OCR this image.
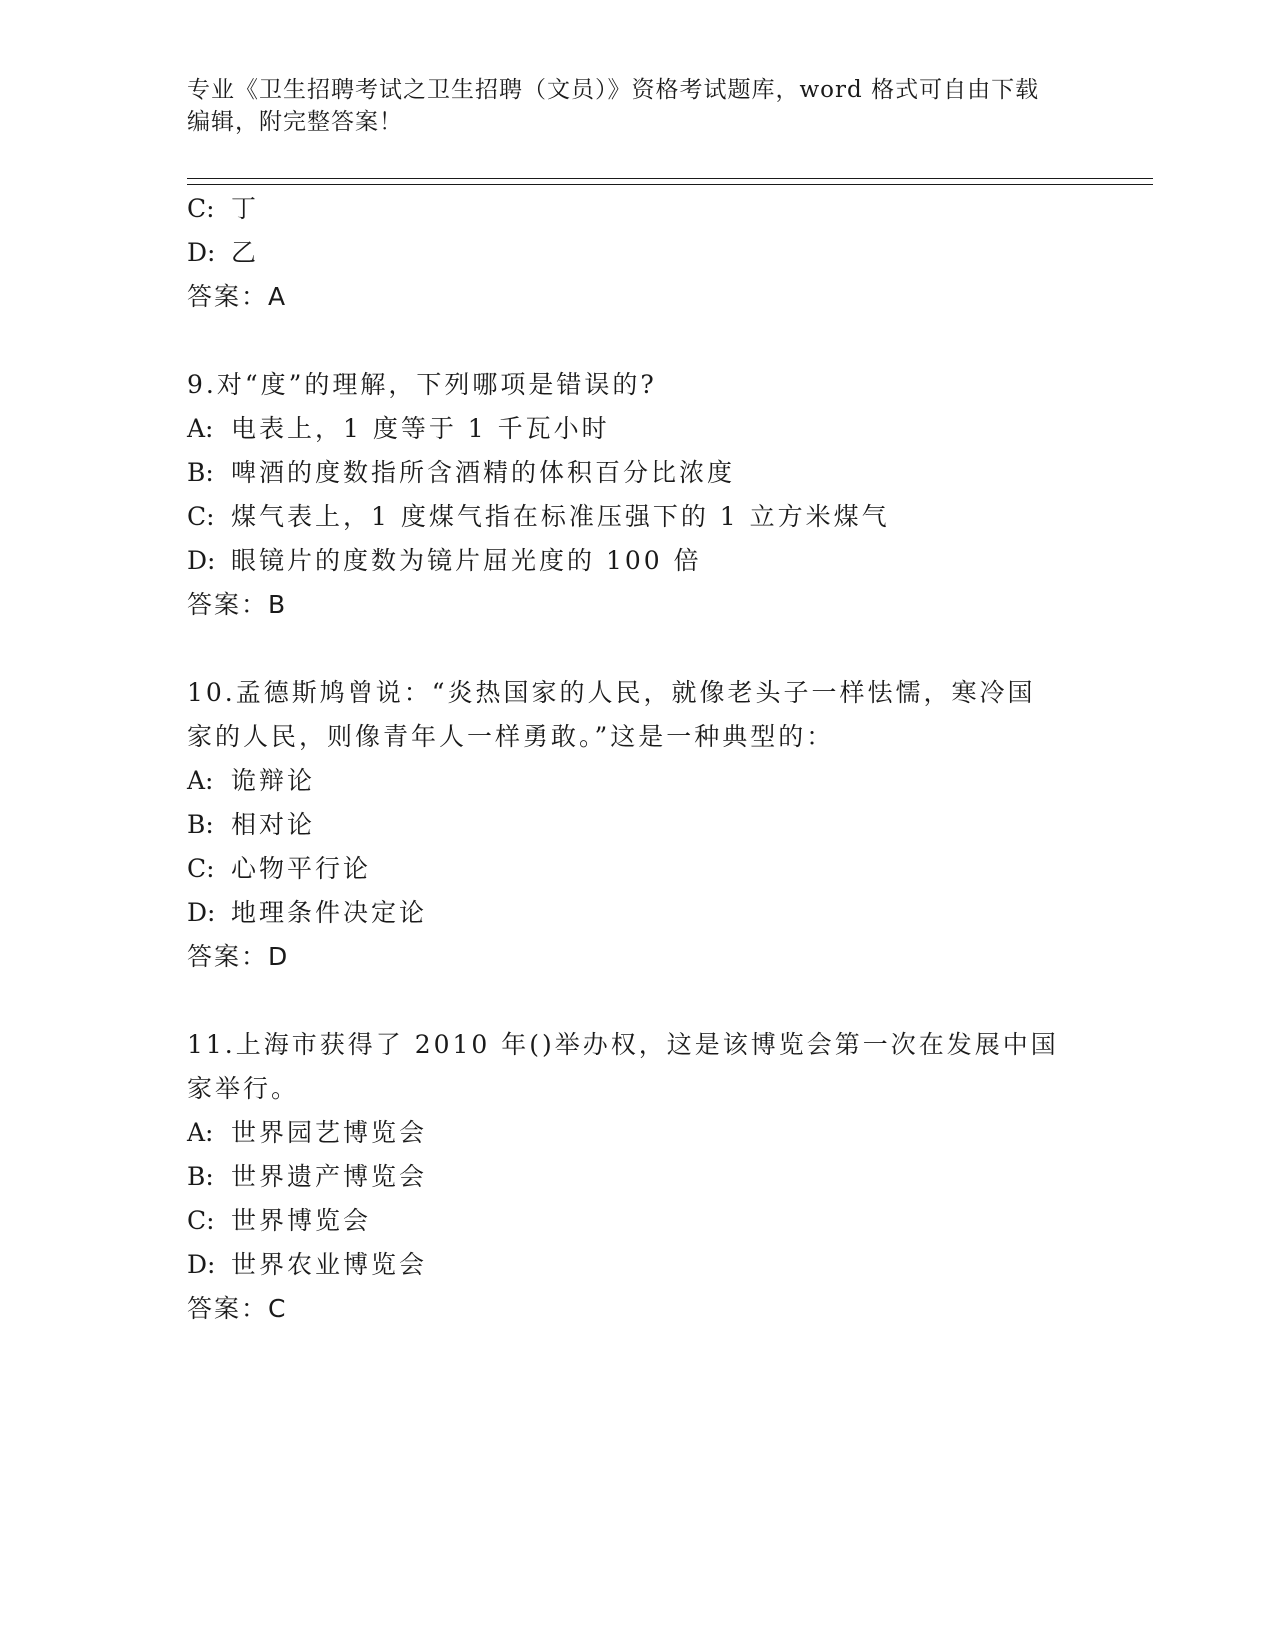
专业《卫生招聘考试之卫生招聘（文员）》资格考试题库，word 格式可自由下载
编辑，附完整答案！
C: 丁
D: 乙
答案：A
9.对“度”的理解，下列哪项是错误的?
A: 电表上，1 度等于 1 千瓦小时
B: 啤酒的度数指所含酒精的体积百分比浓度
C: 煤气表上，1 度煤气指在标准压强下的 1 立方米煤气
D: 眼镜片的度数为镜片屈光度的 100 倍
答案：B
10.孟德斯鸠曾说：“炎热国家的人民，就像老头子一样怯懦，寒冷国
家的人民，则像青年人一样勇敢。”这是一种典型的：
A: 诡辩论
B: 相对论
C: 心物平行论
D: 地理条件决定论
答案：D
11.上海市获得了 2010 年()举办权，这是该博览会第一次在发展中国
家举行。
A: 世界园艺博览会
B: 世界遗产博览会
C: 世界博览会
D: 世界农业博览会
答案：C
